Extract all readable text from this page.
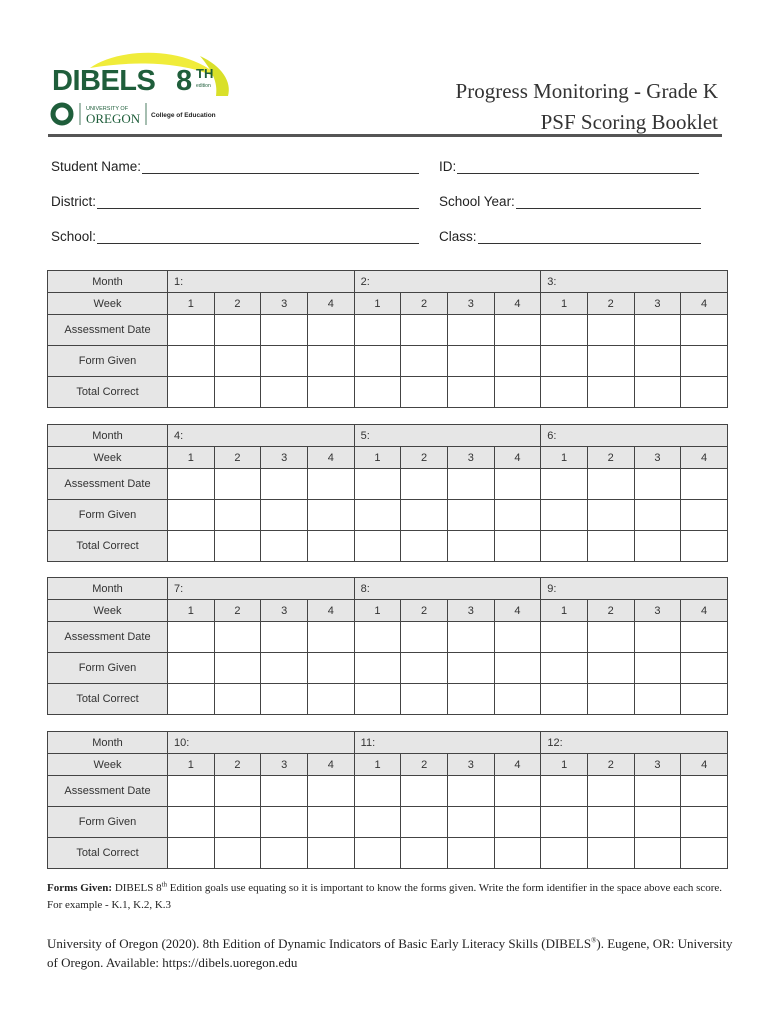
DIBELS 8 TH
edition
UNIVERSITY OF
OREGON College of Education
Progress Monitoring - Grade K
PSF Scoring Booklet
Student Name:	ID:
District:	School Year:
School:	Class:
Month	1:				2:				3:			
Week	1	2	3	4	1	2	3	4	1	2	3	4
Assessment Date												
Form Given												
Total Correct												
Month	4:				5:				6:			
Week	1	2	3	4	1	2	3	4	1	2	3	4
Assessment Date												
Form Given												
Total Correct												
Month	7:				8:				9:			
Week	1	2	3	4	1	2	3	4	1	2	3	4
Assessment Date												
Form Given												
Total Correct												
Month	10:				11:				12:			
Week	1	2	3	4	1	2	3	4	1	2	3	4
Assessment Date												
Form Given												
Total Correct												
Forms Given: DIBELS 8th Edition goals use equating so it is important to know the forms given. Write the form identifier in the space above each score. For example - K.1, K.2, K.3
University of Oregon (2020). 8th Edition of Dynamic Indicators of Basic Early Literacy Skills (DIBELS®). Eugene, OR: University of Oregon. Available: https://dibels.uoregon.edu
